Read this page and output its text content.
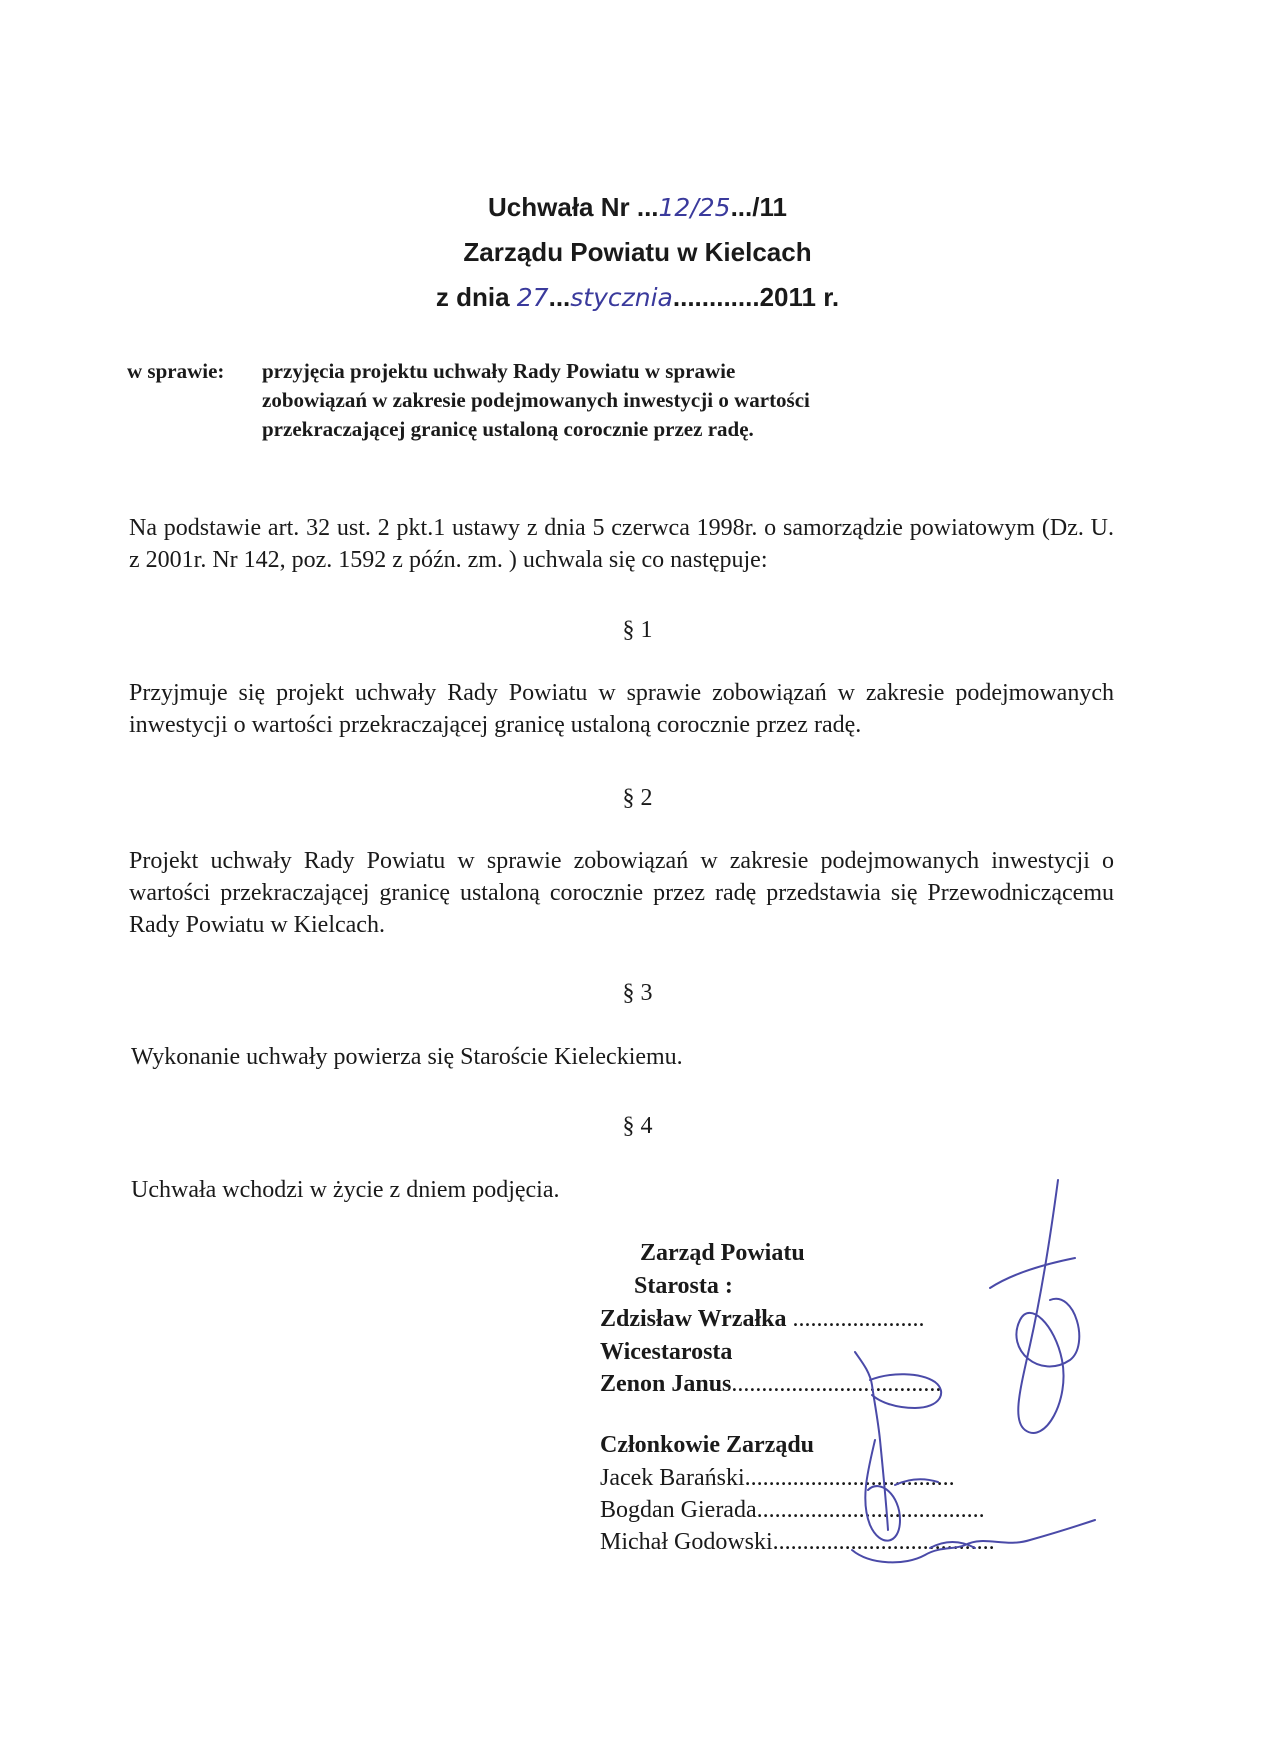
Uchwała Nr ...12/25.../11
Zarządu Powiatu w Kielcach
z dnia 27...stycznia............2011 r.
w sprawie: przyjęcia projektu uchwały Rady Powiatu w sprawie
zobowiązań w zakresie podejmowanych inwestycji o wartości
przekraczającej granicę ustaloną corocznie przez radę.
Na podstawie art. 32 ust. 2 pkt.1 ustawy z dnia 5 czerwca 1998r. o samorządzie powiatowym (Dz. U. z 2001r. Nr 142, poz. 1592 z późn. zm. ) uchwala się co następuje:
§ 1
Przyjmuje się projekt uchwały Rady Powiatu w sprawie zobowiązań w zakresie podejmowanych inwestycji o wartości przekraczającej granicę ustaloną corocznie przez radę.
§ 2
Projekt uchwały Rady Powiatu w sprawie zobowiązań w zakresie podejmowanych inwestycji o wartości przekraczającej granicę ustaloną corocznie przez radę przedstawia się Przewodniczącemu Rady Powiatu w Kielcach.
§ 3
Wykonanie uchwały powierza się Staroście Kieleckiemu.
§ 4
Uchwała wchodzi w życie z dniem podjęcia.
Zarząd Powiatu
Starosta :
Zdzisław Wrzałka ......................
Wicestarosta
Zenon Janus...................................
Członkowie Zarządu
Jacek Barański...................................
Bogdan Gierada......................................
Michał Godowski.....................................
